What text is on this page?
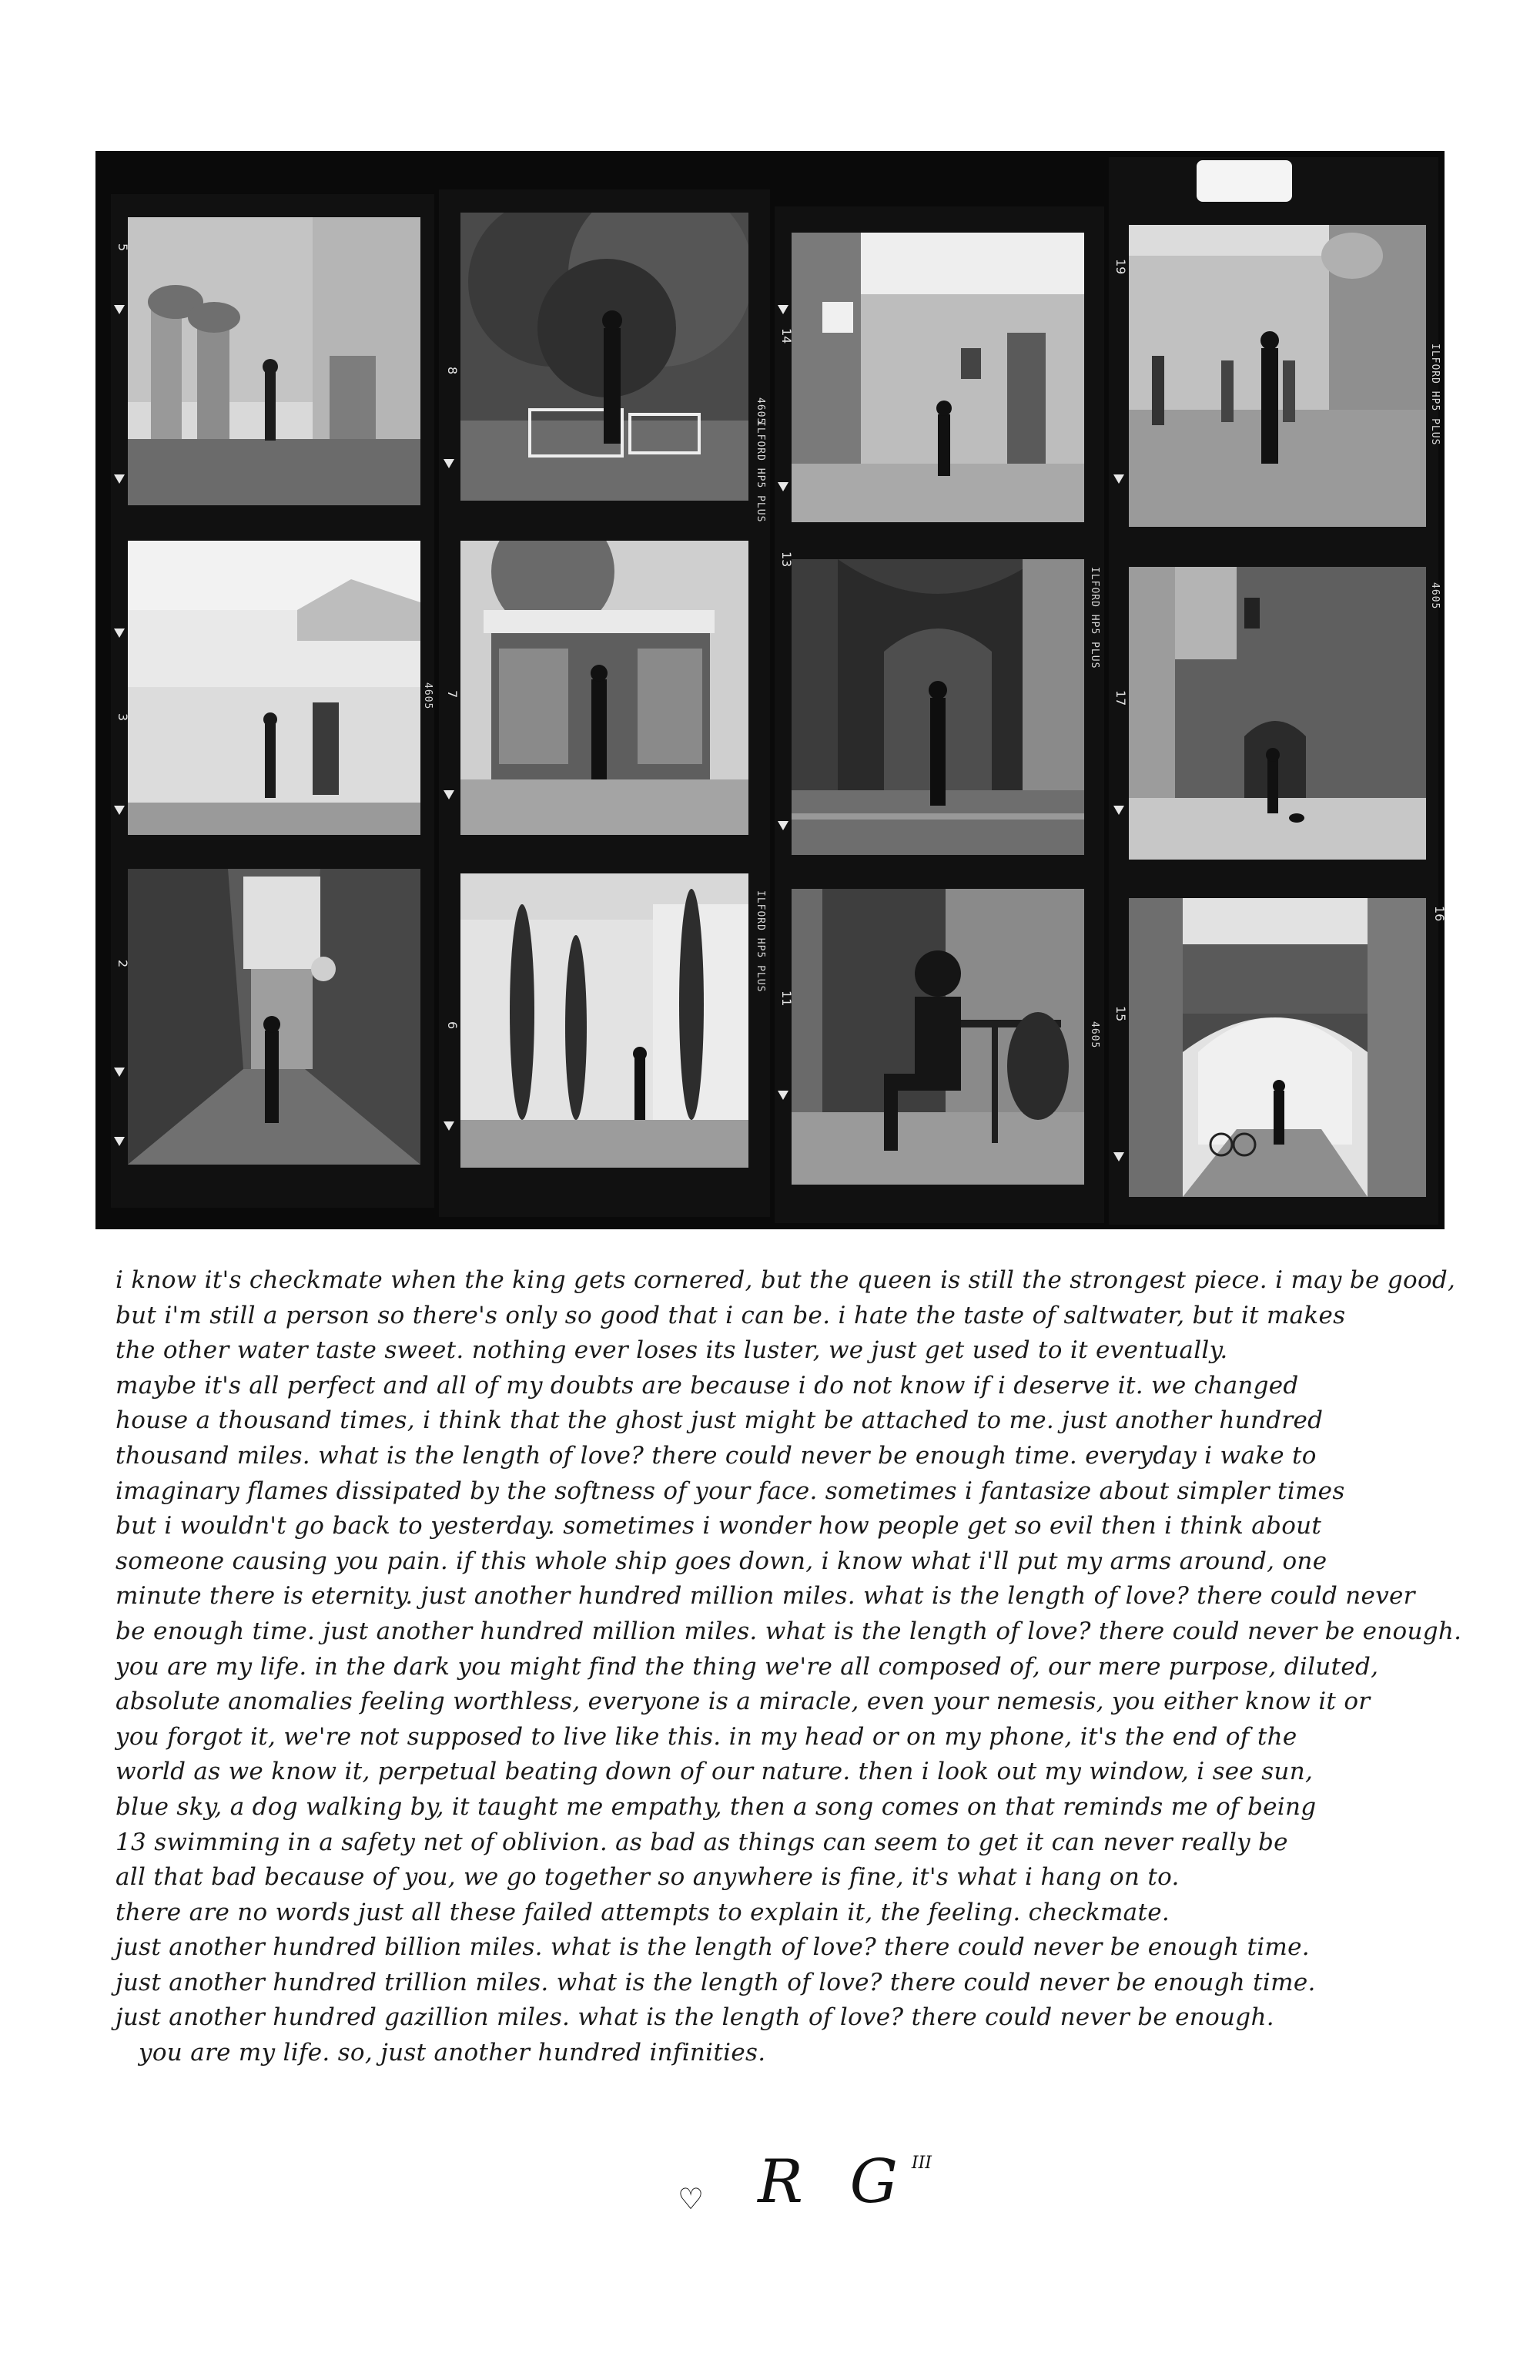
ILFORD HP5 PLUS
ILFORD HP5 PLUS
ILFORD HP5 PLUS
ILFORD HP5 PLUS
4605
4605
4605
4605
5
3
2
8
7
6
14
13
11
19
17
16
15
i know it's checkmate when the king gets cornered, but the queen is still the strongest piece. i may be good,
but i'm still a person so there's only so good that i can be. i hate the taste of saltwater, but it makes
the other water taste sweet. nothing ever loses its luster, we just get used to it eventually.
maybe it's all perfect and all of my doubts are because i do not know if i deserve it. we changed
house a thousand times, i think that the ghost just might be attached to me. just another hundred
thousand miles. what is the length of love? there could never be enough time. everyday i wake to
imaginary flames dissipated by the softness of your face. sometimes i fantasize about simpler times
but i wouldn't go back to yesterday. sometimes i wonder how people get so evil then i think about
someone causing you pain. if this whole ship goes down, i know what i'll put my arms around, one
minute there is eternity. just another hundred million miles. what is the length of love? there could never
be enough time. just another hundred million miles. what is the length of love? there could never be enough.
you are my life. in the dark you might find the thing we're all composed of, our mere purpose, diluted,
absolute anomalies feeling worthless, everyone is a miracle, even your nemesis, you either know it or
you forgot it, we're not supposed to live like this. in my head or on my phone, it's the end of the
world as we know it, perpetual beating down of our nature. then i look out my window, i see sun,
blue sky, a dog walking by, it taught me empathy, then a song comes on that reminds me of being
13 swimming in a safety net of oblivion. as bad as things can seem to get it can never really be
all that bad because of you, we go together so anywhere is fine, it's what i hang on to.
there are no words just all these failed attempts to explain it, the feeling. checkmate.
just another hundred billion miles. what is the length of love? there could never be enough time.
just another hundred trillion miles. what is the length of love? there could never be enough time.
just another hundred gazillion miles. what is the length of love? there could never be enough.
you are my life. so, just another hundred infinities.
♡ R GIII
